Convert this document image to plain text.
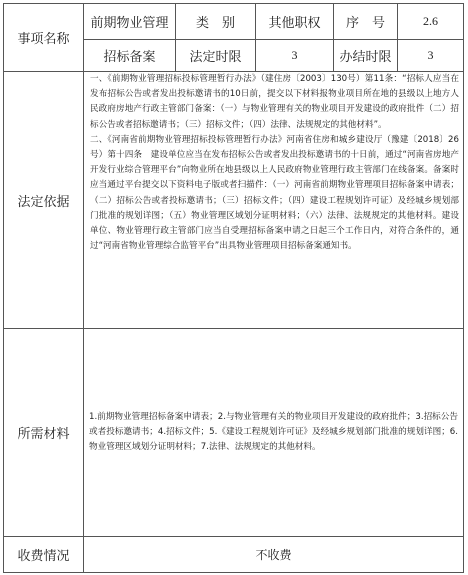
事项名称	前期物业管理	类　别	其他职权	序　号	2.6
	招标备案	法定时限	3	办结时限	3
法定依据	一、《前期物业管理招标投标管理暂行办法》（建住房〔2003〕130号）第11条：“招标人应当在发布招标公告或者发出投标邀请书的10日前，提交以下材料报物业项目所在地的县级以上地方人民政府房地产行政主管部门备案：（一）与物业管理有关的物业项目开发建设的政府批件（二）招标公告或者招标邀请书；（三）招标文件；（四）法律、法规规定的其他材料”。

二、《河南省前期物业管理招标投标管理暂行办法》河南省住房和城乡建设厅（豫建〔2018〕26号）第十四条　建设单位应当在发布招标公告或者发出投标邀请书的十日前，通过“河南省房地产开发行业综合管理平台”向物业所在地县级以上人民政府物业管理行政主管部门在线备案。备案时应当通过平台提交以下资料电子版或者扫描件：（一）河南省前期物业管理项目招标备案申请表；（二）招标公告或者投标邀请书；（三）招标文件；（四）建设工程规划许可证）及经城乡规划部门批准的规划详图；（五）物业管理区域划分证明材料；（六）法律、法规规定的其他材料。建设单位、物业管理行政主管部门应当自受理招标备案申请之日起三个工作日内，对符合条件的，通过“河南省物业管理综合监管平台”出具物业管理项目招标备案通知书。				

所需材料	1.前期物业管理招标备案申请表；2.与物业管理有关的物业项目开发建设的政府批件；3.招标公告或者投标邀请书；4.招标文件；5.《建设工程规划许可证》及经城乡规划部门批准的规划详图；6.物业管理区域划分证明材料；7.法律、法规规定的其他材料。				
收费情况	不收费				
